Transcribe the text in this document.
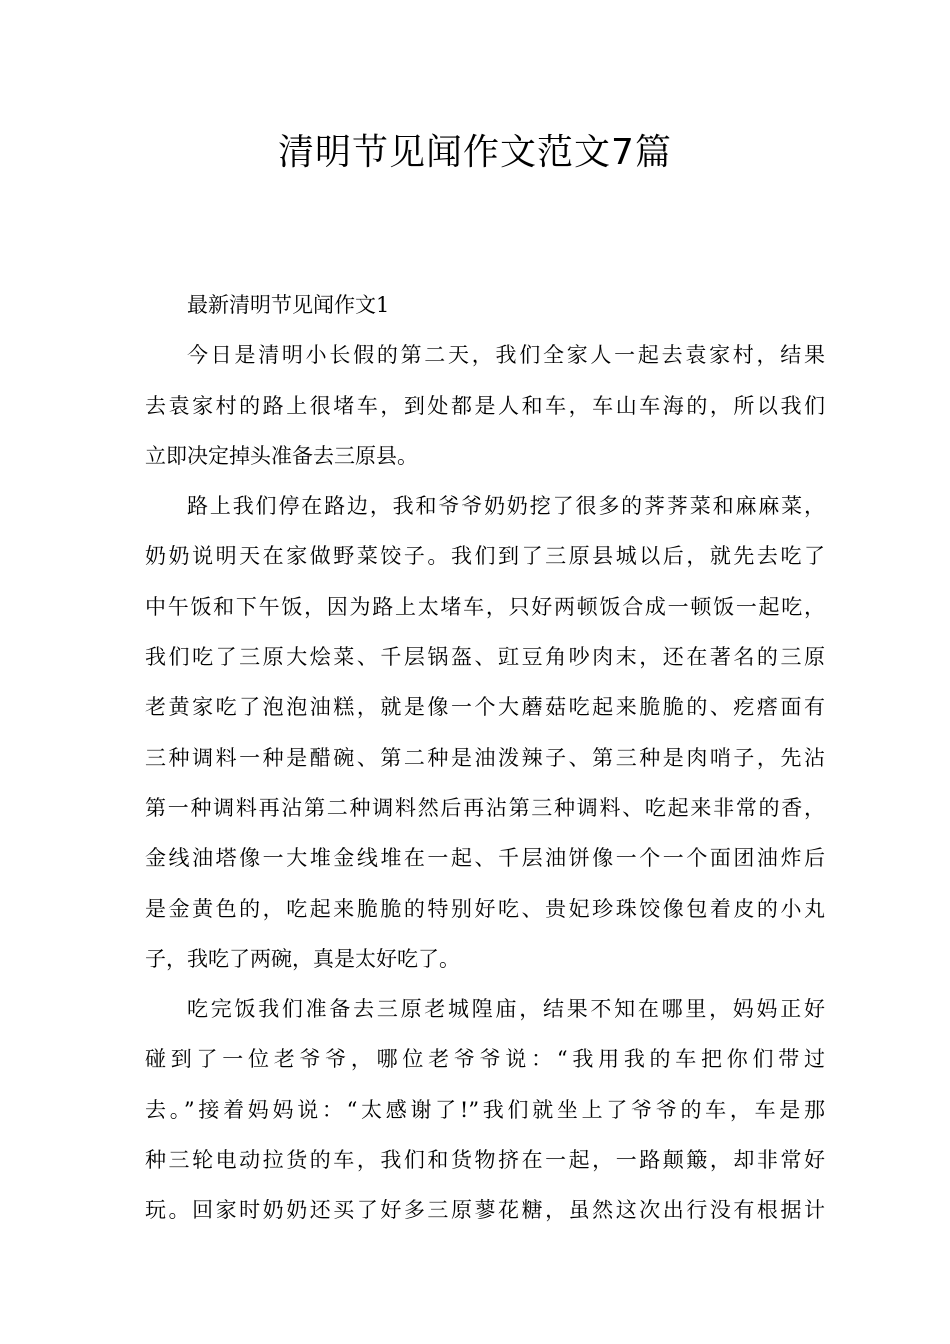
清明节见闻作文范文7篇
最新清明节见闻作文1
今日是清明小长假的第二天，我们全家人一起去袁家村，结果
去袁家村的路上很堵车，到处都是人和车，车山车海的，所以我们
立即决定掉头准备去三原县。
路上我们停在路边，我和爷爷奶奶挖了很多的荠荠菜和麻麻菜，
奶奶说明天在家做野菜饺子。我们到了三原县城以后，就先去吃了
中午饭和下午饭，因为路上太堵车，只好两顿饭合成一顿饭一起吃，
我们吃了三原大烩菜、千层锅盔、豇豆角吵肉末，还在著名的三原
老黄家吃了泡泡油糕，就是像一个大蘑菇吃起来脆脆的、疙瘩面有
三种调料一种是醋碗、第二种是油泼辣子、第三种是肉哨子，先沾
第一种调料再沾第二种调料然后再沾第三种调料、吃起来非常的香，
金线油塔像一大堆金线堆在一起、千层油饼像一个一个面团油炸后
是金黄色的，吃起来脆脆的特别好吃、贵妃珍珠饺像包着皮的小丸
子，我吃了两碗，真是太好吃了。
吃完饭我们准备去三原老城隍庙，结果不知在哪里，妈妈正好
碰到了一位老爷爷，哪位老爷爷说：“我用我的车把你们带过
去。”接着妈妈说：“太感谢了!”我们就坐上了爷爷的车，车是那
种三轮电动拉货的车，我们和货物挤在一起，一路颠簸，却非常好
玩。回家时奶奶还买了好多三原蓼花糖，虽然这次出行没有根据计
